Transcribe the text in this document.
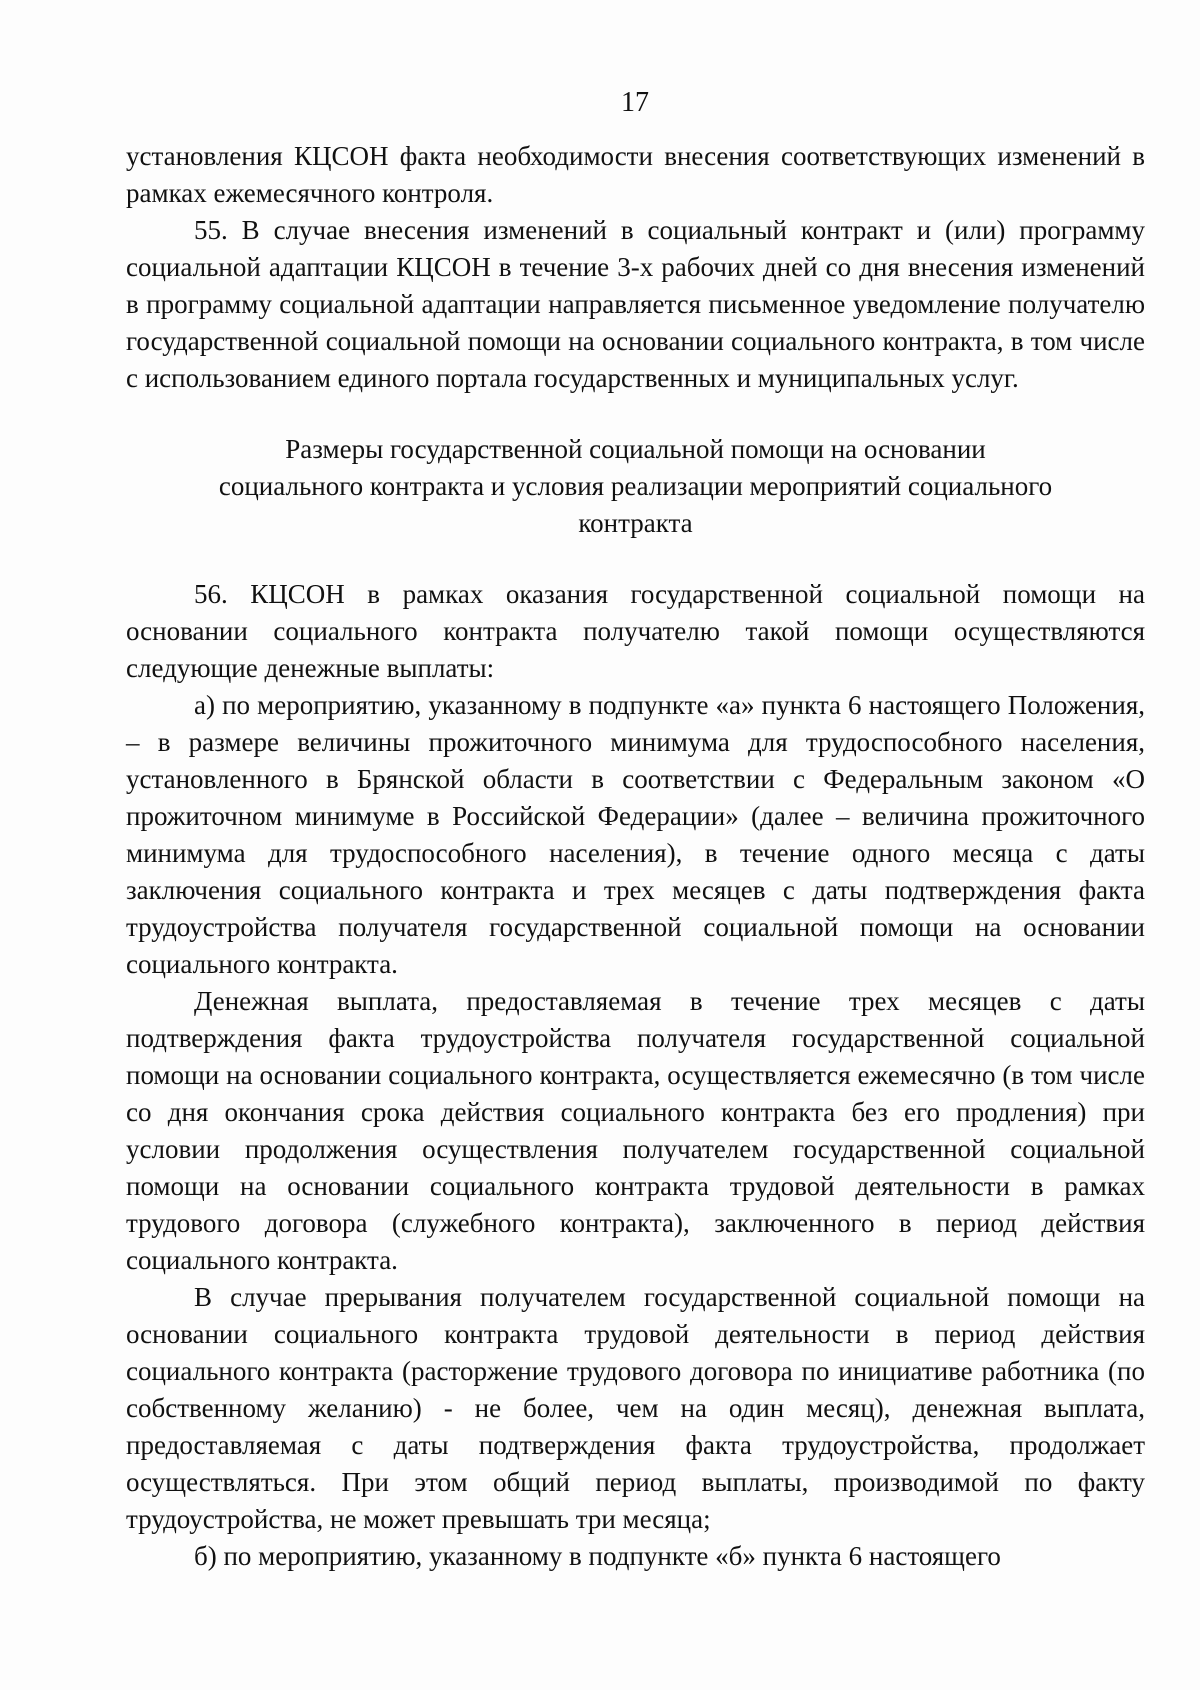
17

установления КЦСОН факта необходимости внесения соответствующих изменений в рамках ежемесячного контроля.

55. В случае внесения изменений в социальный контракт и (или) программу социальной адаптации КЦСОН в течение 3-х рабочих дней со дня внесения изменений в программу социальной адаптации направляется письменное уведомление получателю государственной социальной помощи на основании социального контракта, в том числе с использованием единого портала государственных и муниципальных услуг.

Размеры государственной социальной помощи на основании социального контракта и условия реализации мероприятий социального контракта

56. КЦСОН в рамках оказания государственной социальной помощи на основании социального контракта получателю такой помощи осуществляются следующие денежные выплаты:

а) по мероприятию, указанному в подпункте «а» пункта 6 настоящего Положения, – в размере величины прожиточного минимума для трудоспособного населения, установленного в Брянской области в соответствии с Федеральным законом «О прожиточном минимуме в Российской Федерации» (далее – величина прожиточного минимума для трудоспособного населения), в течение одного месяца с даты заключения социального контракта и трех месяцев с даты подтверждения факта трудоустройства получателя государственной социальной помощи на основании социального контракта.

Денежная выплата, предоставляемая в течение трех месяцев с даты подтверждения факта трудоустройства получателя государственной социальной помощи на основании социального контракта, осуществляется ежемесячно (в том числе со дня окончания срока действия социального контракта без его продления) при условии продолжения осуществления получателем государственной социальной помощи на основании социального контракта трудовой деятельности в рамках трудового договора (служебного контракта), заключенного в период действия социального контракта.

В случае прерывания получателем государственной социальной помощи на основании социального контракта трудовой деятельности в период действия социального контракта (расторжение трудового договора по инициативе работника (по собственному желанию) - не более, чем на один месяц), денежная выплата, предоставляемая с даты подтверждения факта трудоустройства, продолжает осуществляться. При этом общий период выплаты, производимой по факту трудоустройства, не может превышать три месяца;

б) по мероприятию, указанному в подпункте «б» пункта 6 настоящего
